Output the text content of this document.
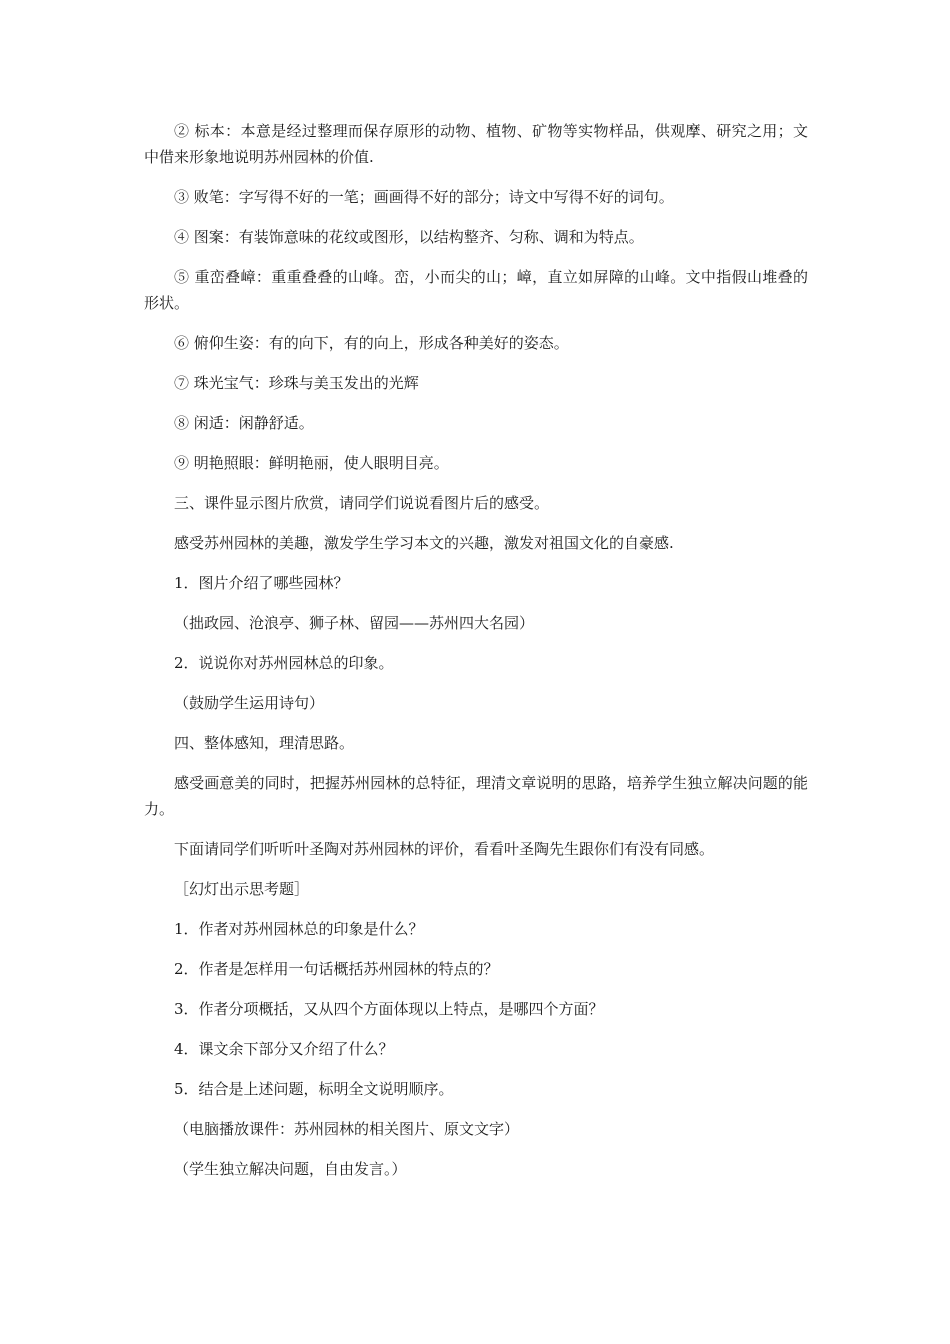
② 标本：本意是经过整理而保存原形的动物、植物、矿物等实物样品，供观摩、研究之用；文中借来形象地说明苏州园林的价值.

③ 败笔：字写得不好的一笔；画画得不好的部分；诗文中写得不好的词句。

④ 图案：有装饰意味的花纹或图形，以结构整齐、匀称、调和为特点。

⑤ 重峦叠嶂：重重叠叠的山峰。峦，小而尖的山；嶂，直立如屏障的山峰。文中指假山堆叠的形状。

⑥ 俯仰生姿：有的向下，有的向上，形成各种美好的姿态。

⑦ 珠光宝气：珍珠与美玉发出的光辉

⑧ 闲适：闲静舒适。

⑨ 明艳照眼：鲜明艳丽，使人眼明目亮。

三、课件显示图片欣赏，请同学们说说看图片后的感受。

感受苏州园林的美趣，激发学生学习本文的兴趣，激发对祖国文化的自豪感.

1．图片介绍了哪些园林？

（拙政园、沧浪亭、狮子林、留园——苏州四大名园）

2．说说你对苏州园林总的印象。

（鼓励学生运用诗句）

四、整体感知，理清思路。

感受画意美的同时，把握苏州园林的总特征，理清文章说明的思路，培养学生独立解决问题的能力。

下面请同学们听听叶圣陶对苏州园林的评价，看看叶圣陶先生跟你们有没有同感。

［幻灯出示思考题］

1．作者对苏州园林总的印象是什么？

2．作者是怎样用一句话概括苏州园林的特点的？

3．作者分项概括，又从四个方面体现以上特点，是哪四个方面？

4．课文余下部分又介绍了什么？

5．结合是上述问题，标明全文说明顺序。

（电脑播放课件：苏州园林的相关图片、原文文字）

（学生独立解决问题，自由发言。）
